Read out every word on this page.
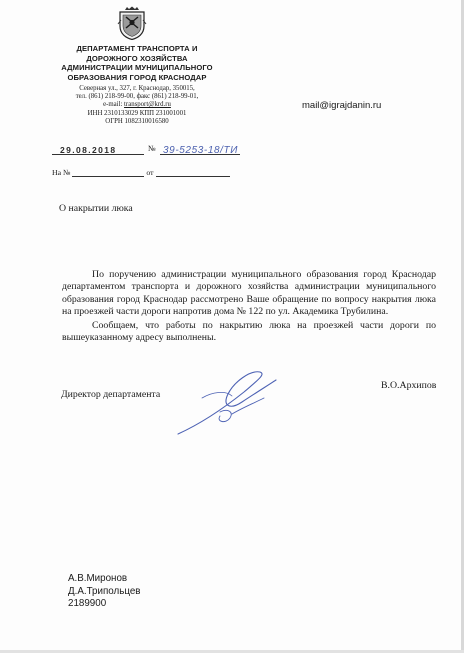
ДЕПАРТАМЕНТ ТРАНСПОРТА И
ДОРОЖНОГО ХОЗЯЙСТВА
АДМИНИСТРАЦИИ МУНИЦИПАЛЬНОГО
ОБРАЗОВАНИЯ ГОРОД КРАСНОДАР
Северная ул., 327, г. Краснодар, 350015,
тел. (861) 218-99-00, факс (861) 218-99-01,
e-mail: transport@krd.ru
ИНН 2310133029 КПП 231001001
ОГРН 1082310016580
mail@igrajdanin.ru
29.08.2018	№ 39-5253-18/ТИ
На №	от
О накрытии люка

По поручению администрации муниципального образования город Краснодар департаментом транспорта и дорожного хозяйства администрации муниципального образования город Краснодар рассмотрено Ваше обращение по вопросу накрытия люка на проезжей части дороги напротив дома № 122 по ул. Академика Трубилина.

Сообщаем, что работы по накрытию люка на проезжей части дороги по вышеуказанному адресу выполнены.

Директор департамента
В.О.Архипов
А.В.Миронов
Д.А.Трипольцев
2189900
